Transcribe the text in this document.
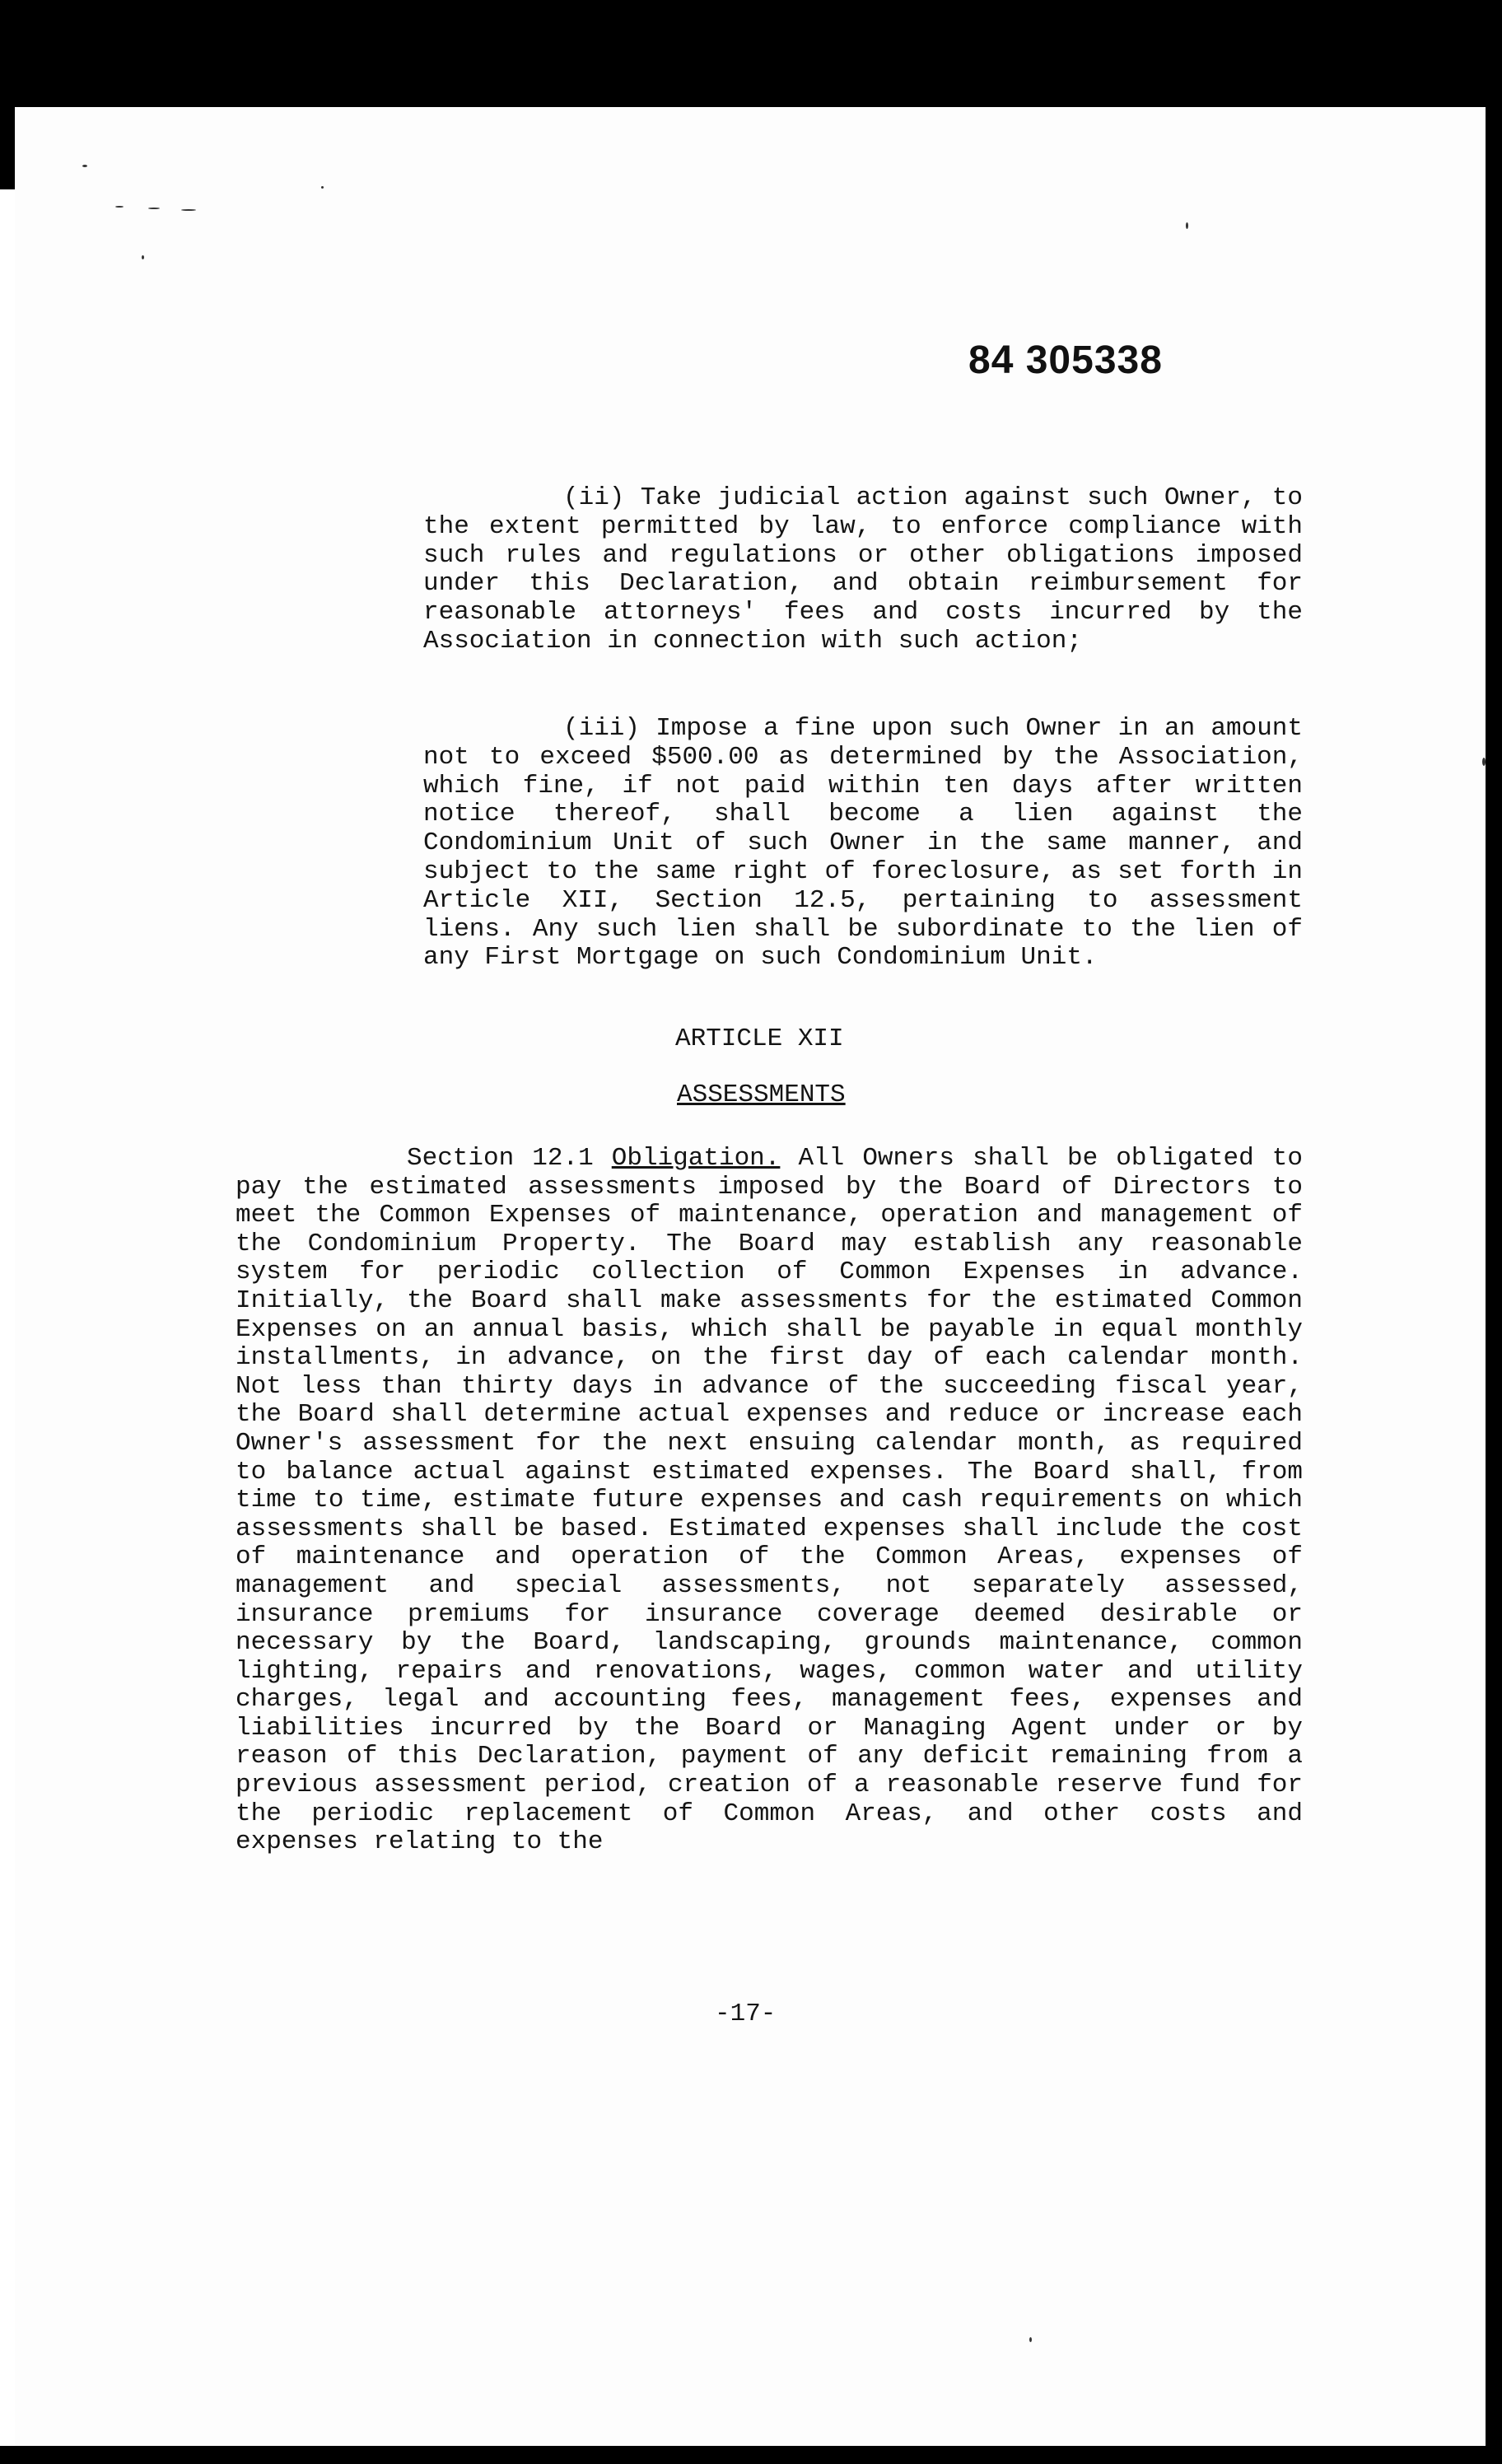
84 305338
(ii) Take judicial action against such Owner, to the extent permitted by law, to enforce compliance with such rules and regulations or other obligations imposed under this Declaration, and obtain reimbursement for reasonable attorneys' fees and costs incurred by the Association in connection with such action;
(iii) Impose a fine upon such Owner in an amount not to exceed $500.00 as determined by the Association, which fine, if not paid within ten days after written notice thereof, shall become a lien against the Condominium Unit of such Owner in the same manner, and subject to the same right of foreclosure, as set forth in Article XII, Section 12.5, pertaining to assessment liens. Any such lien shall be subordinate to the lien of any First Mortgage on such Condominium Unit.
ARTICLE XII
ASSESSMENTS
Section 12.1 Obligation. All Owners shall be obligated to pay the estimated assessments imposed by the Board of Directors to meet the Common Expenses of maintenance, operation and management of the Condominium Property. The Board may establish any reasonable system for periodic collection of Common Expenses in advance. Initially, the Board shall make assessments for the estimated Common Expenses on an annual basis, which shall be payable in equal monthly installments, in advance, on the first day of each calendar month. Not less than thirty days in advance of the succeeding fiscal year, the Board shall determine actual expenses and reduce or increase each Owner's assessment for the next ensuing calendar month, as required to balance actual against estimated expenses. The Board shall, from time to time, estimate future expenses and cash requirements on which assessments shall be based. Estimated expenses shall include the cost of maintenance and operation of the Common Areas, expenses of management and special assessments, not separately assessed, insurance premiums for insurance coverage deemed desirable or necessary by the Board, landscaping, grounds maintenance, common lighting, repairs and renovations, wages, common water and utility charges, legal and accounting fees, management fees, expenses and liabilities incurred by the Board or Managing Agent under or by reason of this Declaration, payment of any deficit remaining from a previous assessment period, creation of a reasonable reserve fund for the periodic replacement of Common Areas, and other costs and expenses relating to the
-17-
